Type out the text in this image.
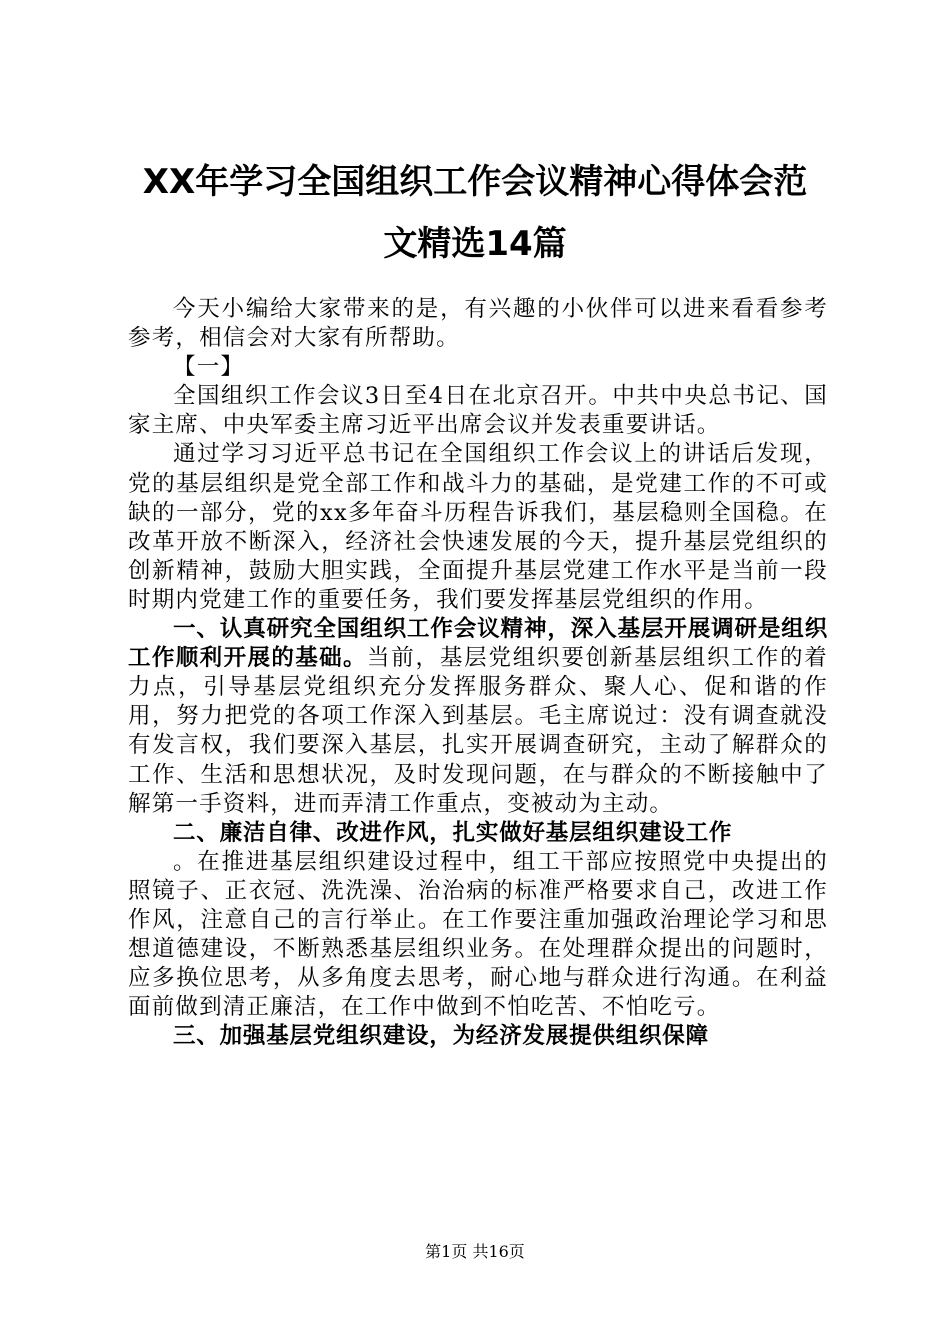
XX年学习全国组织工作会议精神心得体会范
文精选14篇

今天小编给大家带来的是，有兴趣的小伙伴可以进来看看参考参考，相信会对大家有所帮助。

【一】

全国组织工作会议3日至4日在北京召开。中共中央总书记、国家主席、中央军委主席习近平出席会议并发表重要讲话。

通过学习习近平总书记在全国组织工作会议上的讲话后发现，党的基层组织是党全部工作和战斗力的基础，是党建工作的不可或缺的一部分，党的xx多年奋斗历程告诉我们，基层稳则全国稳。在改革开放不断深入，经济社会快速发展的今天，提升基层党组织的创新精神，鼓励大胆实践，全面提升基层党建工作水平是当前一段时期内党建工作的重要任务，我们要发挥基层党组织的作用。

一、认真研究全国组织工作会议精神，深入基层开展调研是组织工作顺利开展的基础。当前，基层党组织要创新基层组织工作的着力点，引导基层党组织充分发挥服务群众、聚人心、促和谐的作用，努力把党的各项工作深入到基层。毛主席说过：没有调查就没有发言权，我们要深入基层，扎实开展调查研究，主动了解群众的工作、生活和思想状况，及时发现问题，在与群众的不断接触中了解第一手资料，进而弄清工作重点，变被动为主动。

二、廉洁自律、改进作风，扎实做好基层组织建设工作

。在推进基层组织建设过程中，组工干部应按照党中央提出的照镜子、正衣冠、洗洗澡、治治病的标准严格要求自己，改进工作作风，注意自己的言行举止。在工作要注重加强政治理论学习和思想道德建设，不断熟悉基层组织业务。在处理群众提出的问题时，应多换位思考，从多角度去思考，耐心地与群众进行沟通。在利益面前做到清正廉洁，在工作中做到不怕吃苦、不怕吃亏。

三、加强基层党组织建设，为经济发展提供组织保障

第1页 共16页
